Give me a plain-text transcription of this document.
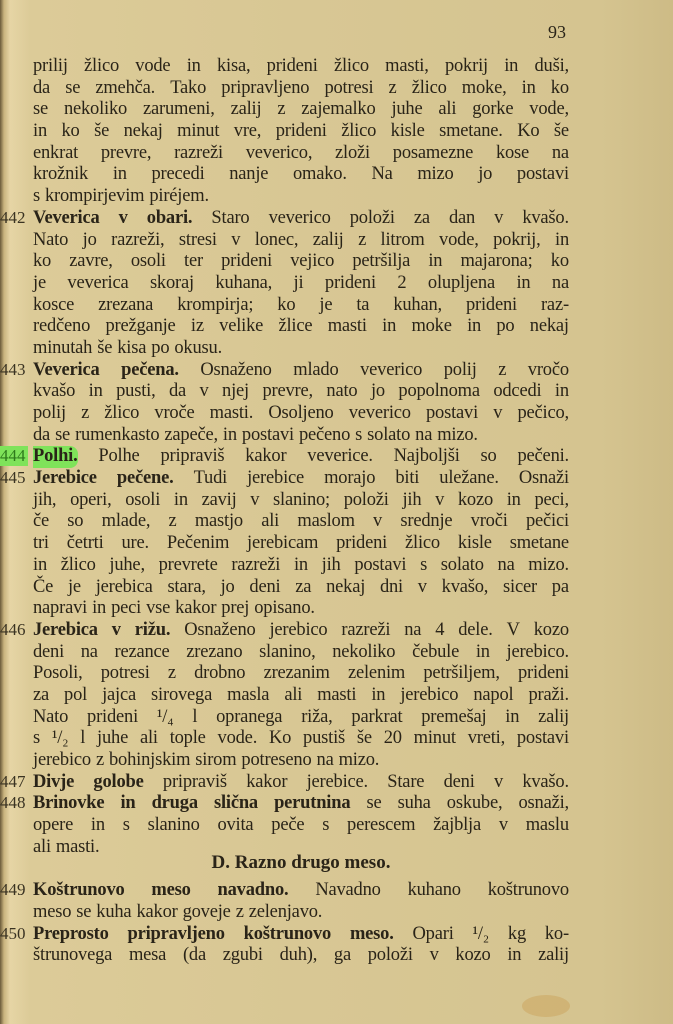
93
prilij žlico vode in kisa, prideni žlico masti, pokrij in duši,
da se zmehča. Tako pripravljeno potresi z žlico moke, in ko
se nekoliko zarumeni, zalij z zajemalko juhe ali gorke vode,
in ko še nekaj minut vre, prideni žlico kisle smetane. Ko še
enkrat prevre, razreži veverico, zloži posamezne kose na
krožnik in precedi nanje omako. Na mizo jo postavi
s krompirjevim piréjem.
442 Veverica v obari. Staro veverico položi za dan v kvašo.
Nato jo razreži, stresi v lonec, zalij z litrom vode, pokrij, in
ko zavre, osoli ter prideni vejico petršilja in majarona; ko
je veverica skoraj kuhana, ji prideni 2 olupljena in na
kosce zrezana krompirja; ko je ta kuhan, prideni raz-
redčeno prežganje iz velike žlice masti in moke in po nekaj
minutah še kisa po okusu.
443 Veverica pečena. Osnaženo mlado veverico polij z vročo
kvašo in pusti, da v njej prevre, nato jo popolnoma odcedi in
polij z žlico vroče masti. Osoljeno veverico postavi v pečico,
da se rumenkasto zapeče, in postavi pečeno s solato na mizo.
444 Polhi. Polhe pripraviš kakor veverice. Najboljši so pečeni.
445 Jerebice pečene. Tudi jerebice morajo biti uležane. Osnaži
jih, operi, osoli in zavij v slanino; položi jih v kozo in peci,
če so mlade, z mastjo ali maslom v srednje vroči pečici
tri četrti ure. Pečenim jerebicam prideni žlico kisle smetane
in žlico juhe, prevrete razreži in jih postavi s solato na mizo.
Če je jerebica stara, jo deni za nekaj dni v kvašo, sicer pa
napravi in peci vse kakor prej opisano.
446 Jerebica v rižu. Osnaženo jerebico razreži na 4 dele. V kozo
deni na rezance zrezano slanino, nekoliko čebule in jerebico.
Posoli, potresi z drobno zrezanim zelenim petršiljem, prideni
za pol jajca sirovega masla ali masti in jerebico napol praži.
Nato prideni ¹/₄ l opranega riža, parkrat premešaj in zalij
s ¹/₂ l juhe ali tople vode. Ko pustiš še 20 minut vreti, postavi
jerebico z bohinjskim sirom potreseno na mizo.
447 Divje golobe pripraviš kakor jerebice. Stare deni v kvašo.
448 Brinovke in druga slična perutnina se suha oskube, osnaži,
opere in s slanino ovita peče s perescem žajblja v maslu
ali masti.
D. Razno drugo meso.
449 Koštrunovo meso navadno. Navadno kuhano koštrunovo
meso se kuha kakor goveje z zelenjavo.
450 Preprosto pripravljeno koštrunovo meso. Opari ¹/₂ kg ko-
štrunovega mesa (da zgubi duh), ga položi v kozo in zalij
